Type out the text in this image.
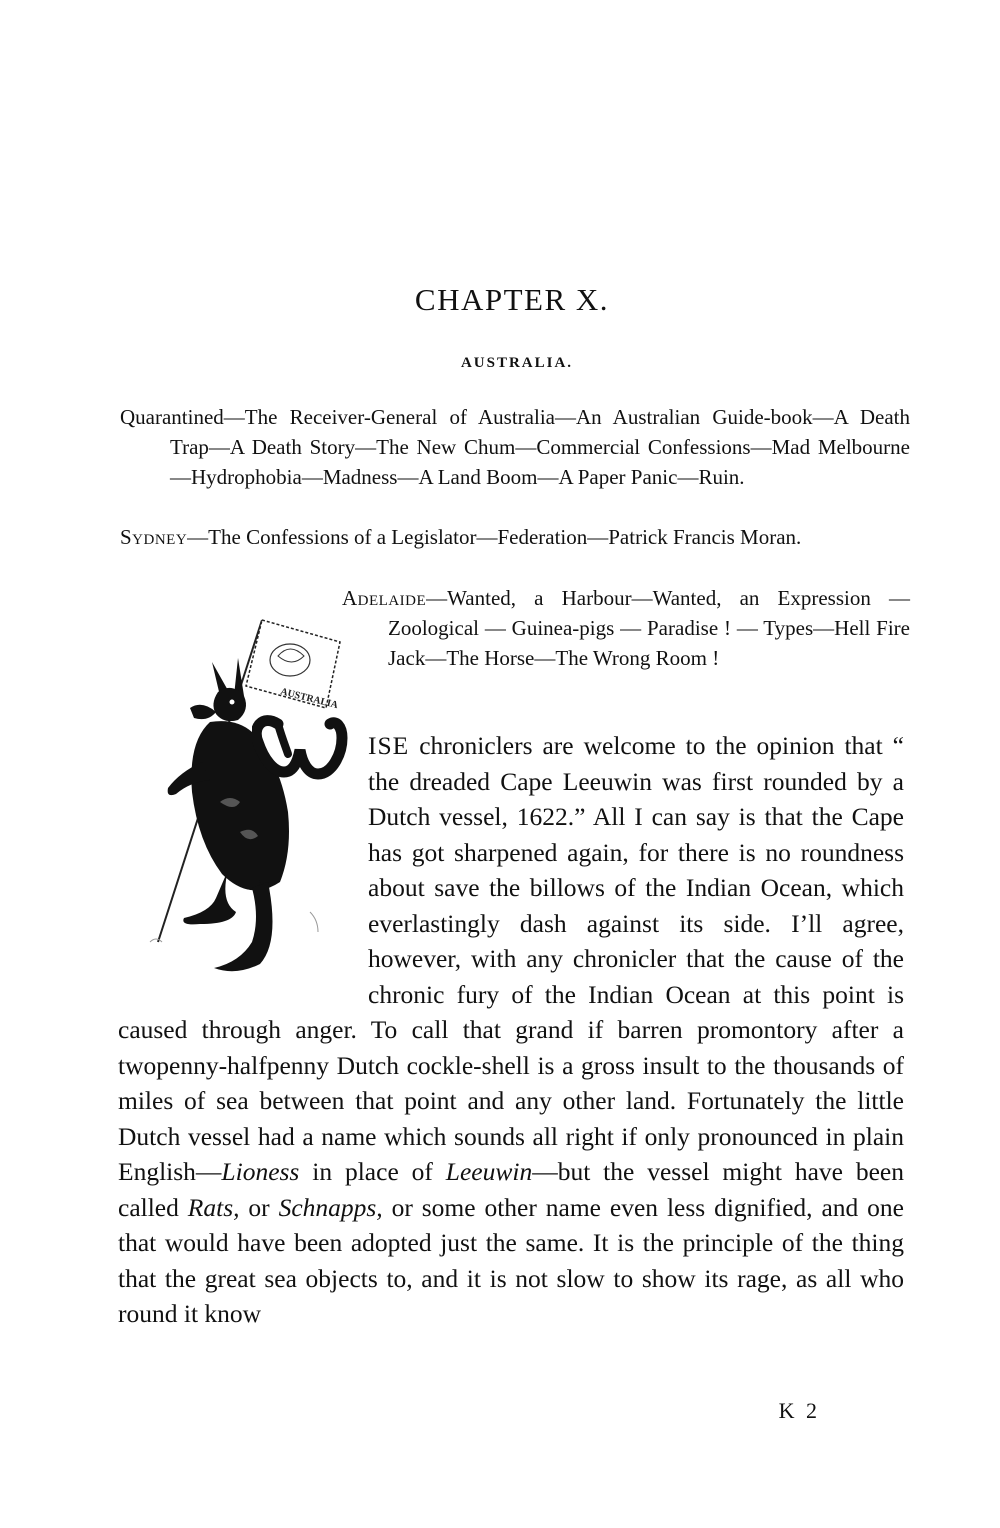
CHAPTER X.
AUSTRALIA.
Quarantined—The Receiver-General of Australia—An Australian Guide-book—A Death Trap—A Death Story—The New Chum—Commercial Confessions—Mad Melbourne—Hydrophobia—Madness—A Land Boom—A Paper Panic—Ruin.
Sydney—The Confessions of a Legislator—Federation—Patrick Francis Moran.
Adelaide—Wanted, a Harbour—Wanted, an Expression — Zoological — Guinea-pigs — Paradise ! — Types—Hell Fire Jack—The Horse—The Wrong Room !
AUSTRALIA

ISE chroniclers are welcome to the opinion that “ the dreaded Cape Leeuwin was first rounded by a Dutch vessel, 1622.” All I can say is that the Cape has got sharpened again, for there is no roundness about save the billows of the Indian Ocean, which everlastingly dash against its side. I’ll agree, however, with any chronicler that the cause of the chronic fury of the Indian Ocean at this point is caused through anger. To call that grand if barren promontory after a twopenny-halfpenny Dutch cockle-shell is a gross insult to the thousands of miles of sea between that point and any other land. Fortunately the little Dutch vessel had a name which sounds all right if only pronounced in plain English—Lioness in place of Leeuwin—but the vessel might have been called Rats, or Schnapps, or some other name even less dignified, and one that would have been adopted just the same. It is the principle of the thing that the great sea objects to, and it is not slow to show its rage, as all who round it know

K 2
